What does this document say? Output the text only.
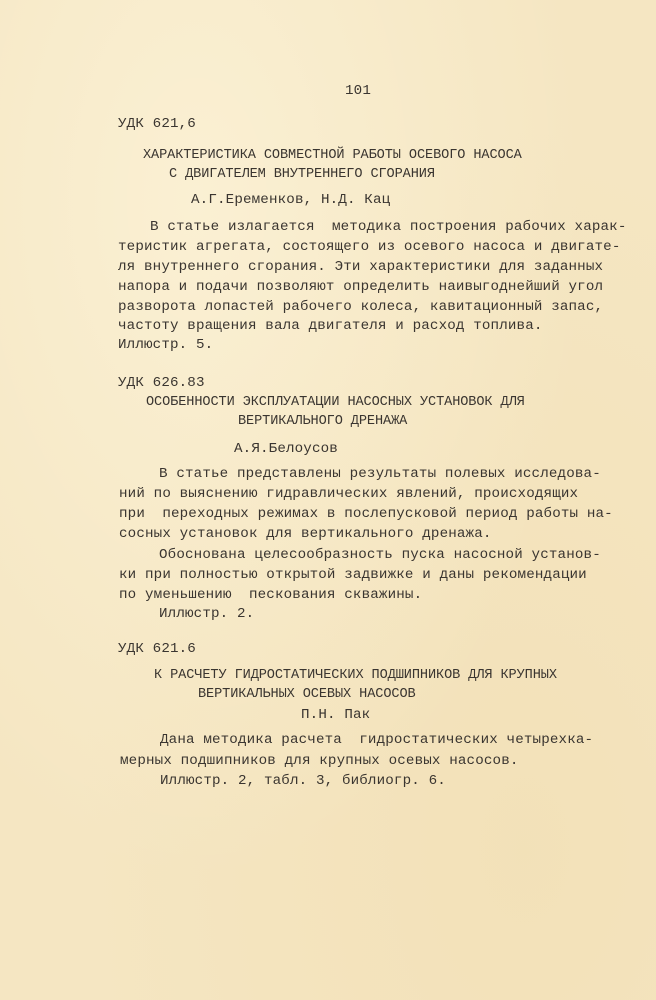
101
УДК 621,6
ХАРАКТЕРИСТИКА СОВМЕСТНОЙ РАБОТЫ ОСЕВОГО НАСОСА
С ДВИГАТЕЛЕМ ВНУТРЕННЕГО СГОРАНИЯ
А.Г.Еременков, Н.Д. Кац
В статье излагается  методика построения рабочих харак-
теристик агрегата, состоящего из осевого насоса и двигате-
ля внутреннего сгорания. Эти характеристики для заданных
напора и подачи позволяют определить наивыгоднейший угол
разворота лопастей рабочего колеса, кавитационный запас,
частоту вращения вала двигателя и расход топлива.
Иллюстр. 5.
УДК 626.83
ОСОБЕННОСТИ ЭКСПЛУАТАЦИИ НАСОСНЫХ УСТАНОВОК ДЛЯ
ВЕРТИКАЛЬНОГО ДРЕНАЖА
А.Я.Белоусов
В статье представлены результаты полевых исследова-
ний по выяснению гидравлических явлений, происходящих
при  переходных режимах в послепусковой период работы на-
сосных установок для вертикального дренажа.
Обоснована целесообразность пуска насосной установ-
ки при полностью открытой задвижке и даны рекомендации
по уменьшению  пескования скважины.
Иллюстр. 2.
УДК 621.6
К РАСЧЕТУ ГИДРОСТАТИЧЕСКИХ ПОДШИПНИКОВ ДЛЯ КРУПНЫХ
ВЕРТИКАЛЬНЫХ ОСЕВЫХ НАСОСОВ
П.Н. Пак
Дана методика расчета  гидростатических четырехка-
мерных подшипников для крупных осевых насосов.
Иллюстр. 2, табл. 3, библиогр. 6.
